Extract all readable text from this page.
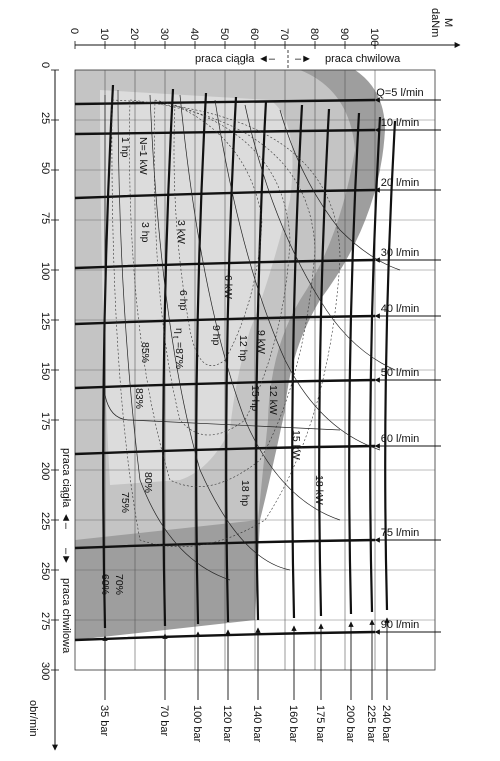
0 10 20 30 40 50 60 70 80 90 100
M
daNm
praca ciągła ◄– –► praca chwilowa
0
25
50
75
100
125
150
175
200
225
250
275
300
obr/min
praca ciągła
◄–
–►
praca chwilowa
Q=5 l/min
10 l/min
20 l/min
30 l/min
40 l/min
50 l/min
60 l/min
75 l/min
90 l/min
35 bar	70 bar 100 bar 120 bar 140 bar 160 bar 175 bar 200 bar 225 bar 240 bar
N=1 kW
1 hp
3 hp 3 kW
6 hp
6 kW
9 hp	9 kW
12 hp
12 kW
15 hp
15 kW
18 hp	18 kW
η
t
=87%
85%
83%
80%
75%
70%
60%
